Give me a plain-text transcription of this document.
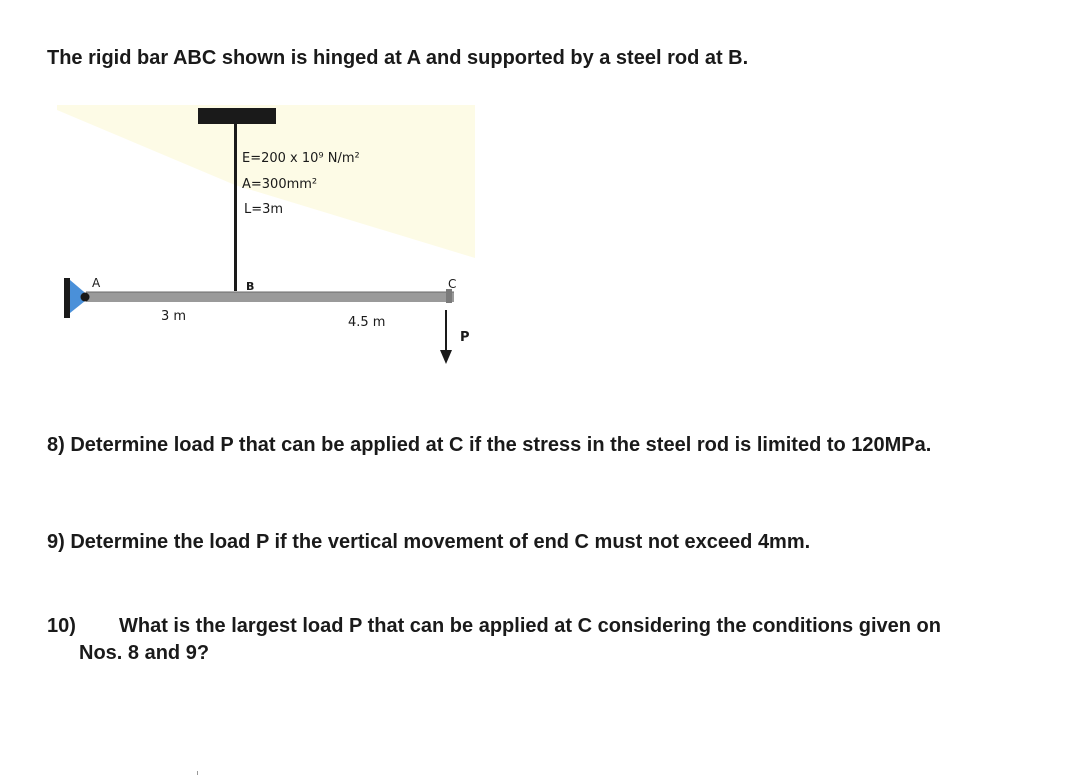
The rigid bar ABC shown is hinged at A and supported by a steel rod at B.

E=200 x 10⁹ N/m²
A=300mm²
L=3m
A	B	C
3 m	4.5 m
P

8) Determine load P that can be applied at C if the stress in the steel rod is limited to 120MPa.

9) Determine the load P if the vertical movement of end C must not exceed 4mm.

10) What is the largest load P that can be applied at C considering the conditions given on
Nos. 8 and 9?
